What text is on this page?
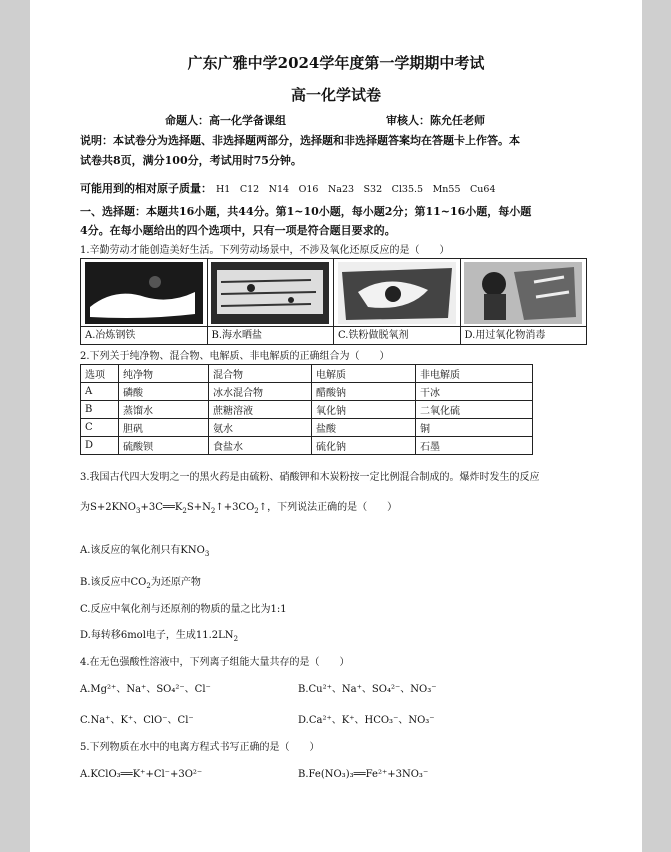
广东广雅中学2024学年度第一学期期中考试
高一化学试卷
命题人：高一化学备课组	审核人：陈允任老师
说明：本试卷分为选择题、非选择题两部分，选择题和非选择题答案均在答题卡上作答。本
试卷共8页，满分100分，考试用时75分钟。
可能用到的相对原子质量： H1　C12　N14　O16　Na23　S32　Cl35.5　Mn55　Cu64
一、选择题：本题共16小题，共44分。第1~10小题，每小题2分；第11~16小题，每小题
4分。在每小题给出的四个选项中，只有一项是符合题目要求的。
1.辛勤劳动才能创造美好生活。下列劳动场景中，不涉及氧化还原反应的是（　　）
A.冶炼钢铁	B.海水晒盐	C.铁粉做脱氧剂	D.用过氧化物消毒
2.下列关于纯净物、混合物、电解质、非电解质的正确组合为（　　）
选项	纯净物	混合物	电解质	非电解质
A	磷酸	冰水混合物	醋酸钠	干冰
B	蒸馏水	蔗糖溶液	氧化钠	二氧化硫
C	胆矾	氨水	盐酸	铜
D	硫酸钡	食盐水	硫化钠	石墨
3.我国古代四大发明之一的黑火药是由硫粉、硝酸钾和木炭粉按一定比例混合制成的。爆炸时发生的反应
为$S+2KNO_3+3C══K_2S+N_2↑+3CO_2↑$，下列说法正确的是（　　）
A.该反应的氧化剂只有$KNO_3$
B.该反应中$CO_2$为还原产物
C.反应中氧化剂与还原剂的物质的量之比为1:1
D.每转移6mol电子，生成$11.2LN_2$
4.在无色强酸性溶液中，下列离子组能大量共存的是（　　）
A.Mg²⁺、Na⁺、SO₄²⁻、Cl⁻	B.Cu²⁺、Na⁺、SO₄²⁻、NO₃⁻
C.Na⁺、K⁺、ClO⁻、Cl⁻	D.Ca²⁺、K⁺、HCO₃⁻、NO₃⁻
5.下列物质在水中的电离方程式书写正确的是（　　）
A.KClO₃══K⁺+Cl⁻+3O²⁻	B.Fe(NO₃)₃══Fe²⁺+3NO₃⁻
